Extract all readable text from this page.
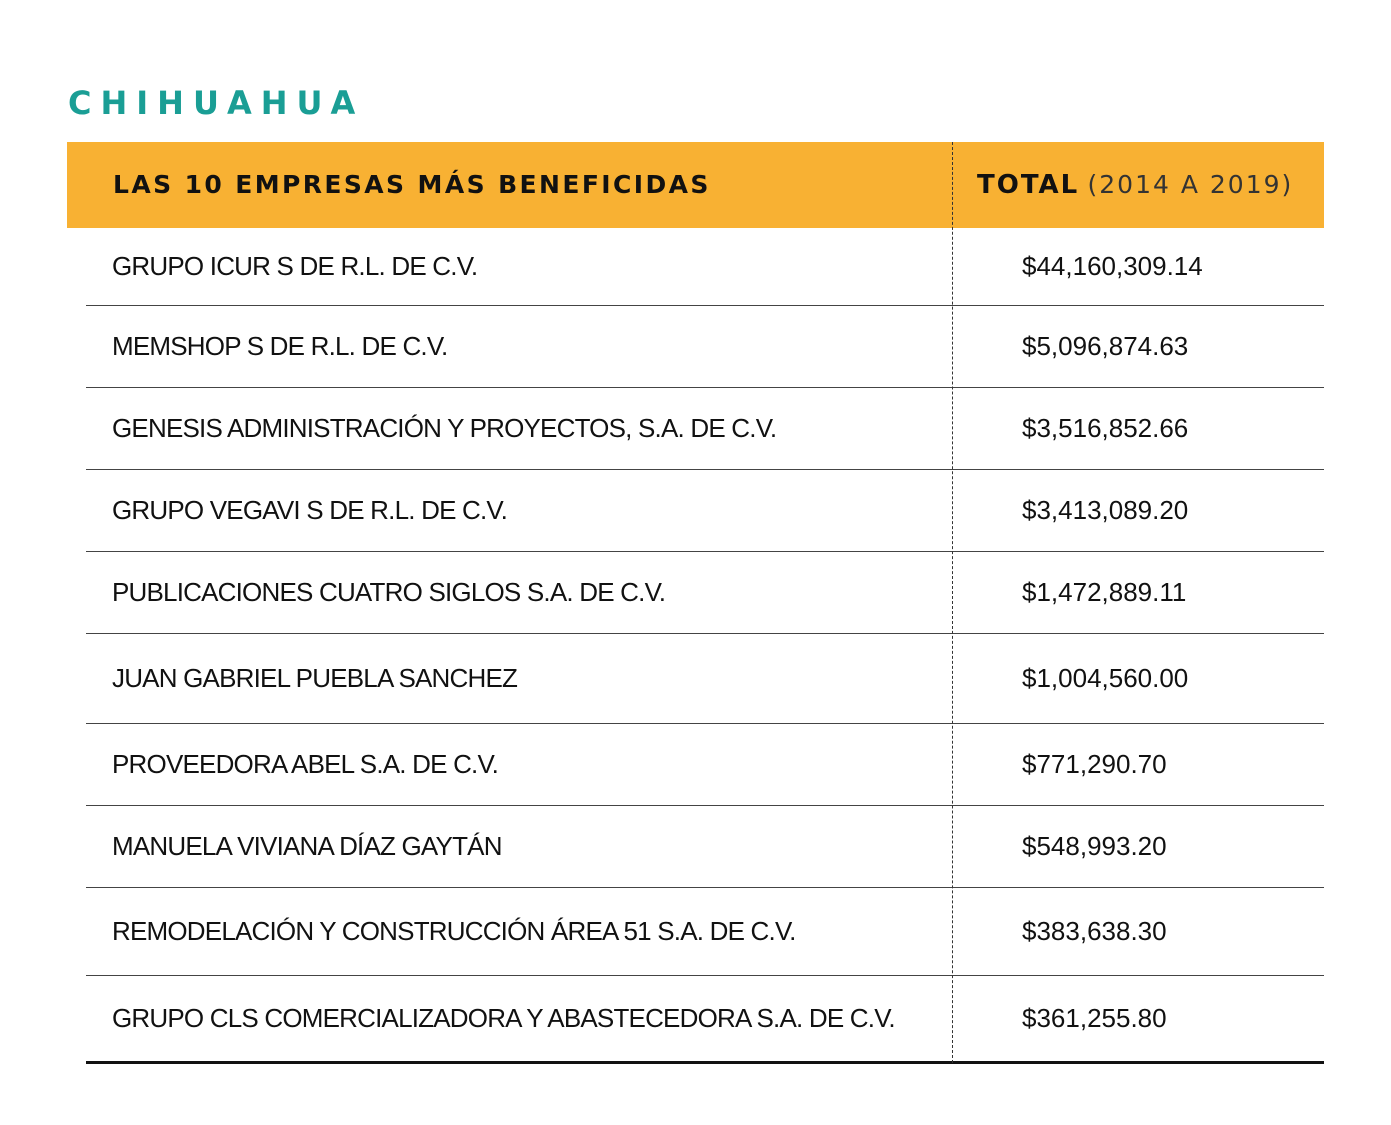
CHIHUAHUA
LAS 10 EMPRESAS MÁS BENEFICIDAS	TOTAL (2014 A 2019)
GRUPO ICUR S DE R.L. DE C.V.	$44,160,309.14
MEMSHOP S DE R.L. DE C.V.	$5,096,874.63
GENESIS ADMINISTRACIÓN Y PROYECTOS, S.A. DE C.V.	$3,516,852.66
GRUPO VEGAVI S DE R.L. DE C.V.	$3,413,089.20
PUBLICACIONES CUATRO SIGLOS S.A. DE C.V.	$1,472,889.11
JUAN GABRIEL PUEBLA SANCHEZ	$1,004,560.00
PROVEEDORA ABEL S.A. DE C.V.	$771,290.70
MANUELA VIVIANA DÍAZ GAYTÁN	$548,993.20
REMODELACIÓN Y CONSTRUCCIÓN ÁREA 51 S.A. DE C.V.	$383,638.30
GRUPO CLS COMERCIALIZADORA Y ABASTECEDORA S.A. DE C.V.	$361,255.80
